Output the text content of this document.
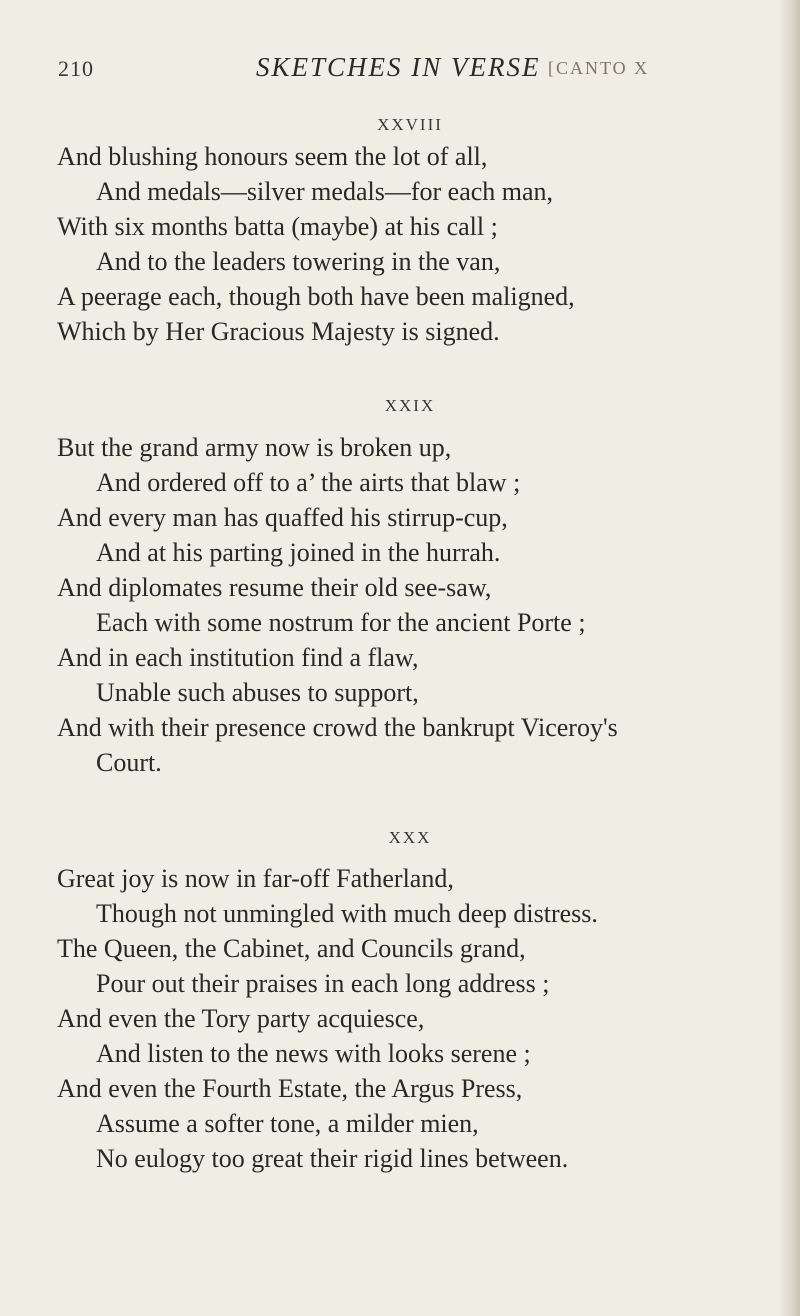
210	SKETCHES IN VERSE [CANTO X
XXVIII
And blushing honours seem the lot of all,
And medals—silver medals—for each man,
With six months batta (maybe) at his call ;
And to the leaders towering in the van,
A peerage each, though both have been maligned,
Which by Her Gracious Majesty is signed.
XXIX
But the grand army now is broken up,
And ordered off to a’ the airts that blaw ;
And every man has quaffed his stirrup-cup,
And at his parting joined in the hurrah.
And diplomates resume their old see-saw,
Each with some nostrum for the ancient Porte ;
And in each institution find a flaw,
Unable such abuses to support,
And with their presence crowd the bankrupt Viceroy's
Court.
XXX
Great joy is now in far-off Fatherland,
Though not unmingled with much deep distress.
The Queen, the Cabinet, and Councils grand,
Pour out their praises in each long address ;
And even the Tory party acquiesce,
And listen to the news with looks serene ;
And even the Fourth Estate, the Argus Press,
Assume a softer tone, a milder mien,
No eulogy too great their rigid lines between.
